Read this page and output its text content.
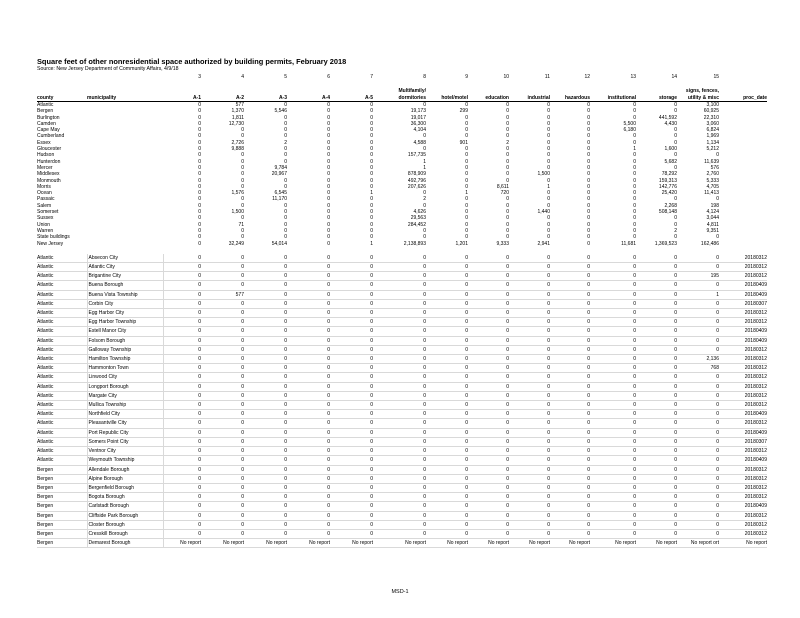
Square feet of other nonresidential space authorized by building permits, February 2018
Source: New Jersey Department of Community Affairs, 4/9/18
		3	4	5	6	7	8	9	10	11	12	13	14	15	

							Multifamily/							signs, fences,	
county	municipality	A-1	A-2	A-3	A-4	A-5	dormitories	hotel/motel	education	industrial	hazardous	institutional	storage	utility & misc	proc_date
Atlantic		0	577	0	0	0	0	0	0	0	0	0	0	3,100	
Bergen		0	1,370	5,546	0	0	19,173	299	0	0	0	0	0	60,925	
Burlington		0	1,811	0	0	0	19,017	0	0	0	0	0	441,592	22,310	
Camden		0	12,730	0	0	0	36,300	0	0	0	0	5,500	4,430	3,060	
Cape May		0	0	0	0	0	4,104	0	0	0	0	6,180	0	6,824	
Cumberland		0	0	0	0	0	0	0	0	0	0	0	0	1,969	
Essex		0	2,726	2	0	0	4,588	901	2	0	0	0	0	1,134	
Gloucester		0	9,888	0	0	0	0	0	0	0	0	1	1,600	5,212	
Hudson		0	0	0	0	0	157,735	0	0	0	0	0	0	0	
Hunterdon		0	0	0	0	0	1	0	0	0	0	0	5,682	11,639	
Mercer		0	0	9,784	0	0	1	0	0	0	0	0	0	576	
Middlesex		0	0	20,967	0	0	878,909	0	0	1,500	0	0	78,292	2,760	
Monmouth		0	0	0	0	0	492,796	0	0	0	0	0	159,313	5,333	
Morris		0	0	0	0	0	207,626	0	8,611	1	0	0	142,776	4,705	
Ocean		0	1,576	6,545	0	1	0	1	720	0	0	0	25,420	11,413	
Passaic		0	0	11,170	0	0	2	0	0	0	0	0	0	0	
Salem		0	0	0	0	0	0	0	0	0	0	0	2,268	198	
Somerset		0	1,500	0	0	0	4,626	0	0	1,440	0	0	508,148	4,124	
Sussex		0	0	0	0	0	29,563	0	0	0	0	0	0	3,044	
Union		0	71	0	0	0	284,452	0	0	0	0	0	0	4,811	
Warren		0	0	0	0	0	0	0	0	0	0	0	2	9,351	
State buildings		0	0	0	0	0	0	0	0	0	0	0	0	0	
New Jersey		0	32,249	54,014	0	1	2,138,893	1,201	9,333	2,941	0	11,681	1,369,523	162,486	

Atlantic	Absecon City	0	0	0	0	0	0	0	0	0	0	0	0	0	20180312
Atlantic	Atlantic City	0	0	0	0	0	0	0	0	0	0	0	0	0	20180312
Atlantic	Brigantine City	0	0	0	0	0	0	0	0	0	0	0	0	195	20180312
Atlantic	Buena Borough	0	0	0	0	0	0	0	0	0	0	0	0	0	20180409
Atlantic	Buena Vista Township	0	577	0	0	0	0	0	0	0	0	0	0	1	20180409
Atlantic	Corbin City	0	0	0	0	0	0	0	0	0	0	0	0	0	20180307
Atlantic	Egg Harbor City	0	0	0	0	0	0	0	0	0	0	0	0	0	20180312
Atlantic	Egg Harbor Township	0	0	0	0	0	0	0	0	0	0	0	0	0	20180312
Atlantic	Estell Manor City	0	0	0	0	0	0	0	0	0	0	0	0	0	20180409
Atlantic	Folsom Borough	0	0	0	0	0	0	0	0	0	0	0	0	0	20180409
Atlantic	Galloway Township	0	0	0	0	0	0	0	0	0	0	0	0	0	20180312
Atlantic	Hamilton Township	0	0	0	0	0	0	0	0	0	0	0	0	2,136	20180312
Atlantic	Hammonton Town	0	0	0	0	0	0	0	0	0	0	0	0	768	20180312
Atlantic	Linwood City	0	0	0	0	0	0	0	0	0	0	0	0	0	20180312
Atlantic	Longport Borough	0	0	0	0	0	0	0	0	0	0	0	0	0	20180312
Atlantic	Margate City	0	0	0	0	0	0	0	0	0	0	0	0	0	20180312
Atlantic	Mullica Township	0	0	0	0	0	0	0	0	0	0	0	0	0	20180312
Atlantic	Northfield City	0	0	0	0	0	0	0	0	0	0	0	0	0	20180409
Atlantic	Pleasantville City	0	0	0	0	0	0	0	0	0	0	0	0	0	20180312
Atlantic	Port Republic City	0	0	0	0	0	0	0	0	0	0	0	0	0	20180409
Atlantic	Somers Point City	0	0	0	0	0	0	0	0	0	0	0	0	0	20180307
Atlantic	Ventnor City	0	0	0	0	0	0	0	0	0	0	0	0	0	20180312
Atlantic	Weymouth Township	0	0	0	0	0	0	0	0	0	0	0	0	0	20180409
Bergen	Allendale Borough	0	0	0	0	0	0	0	0	0	0	0	0	0	20180312
Bergen	Alpine Borough	0	0	0	0	0	0	0	0	0	0	0	0	0	20180312
Bergen	Bergenfield Borough	0	0	0	0	0	0	0	0	0	0	0	0	0	20180312
Bergen	Bogota Borough	0	0	0	0	0	0	0	0	0	0	0	0	0	20180312
Bergen	Carlstadt Borough	0	0	0	0	0	0	0	0	0	0	0	0	0	20180409
Bergen	Cliffside Park Borough	0	0	0	0	0	0	0	0	0	0	0	0	0	20180312
Bergen	Closter Borough	0	0	0	0	0	0	0	0	0	0	0	0	0	20180312
Bergen	Cresskill Borough	0	0	0	0	0	0	0	0	0	0	0	0	0	20180312
Bergen	Demarest Borough	No report	No report	No report	No report	No report	No report	No report	No report	No report	No report	No report	No report	No report ort	No report
MSD-1
